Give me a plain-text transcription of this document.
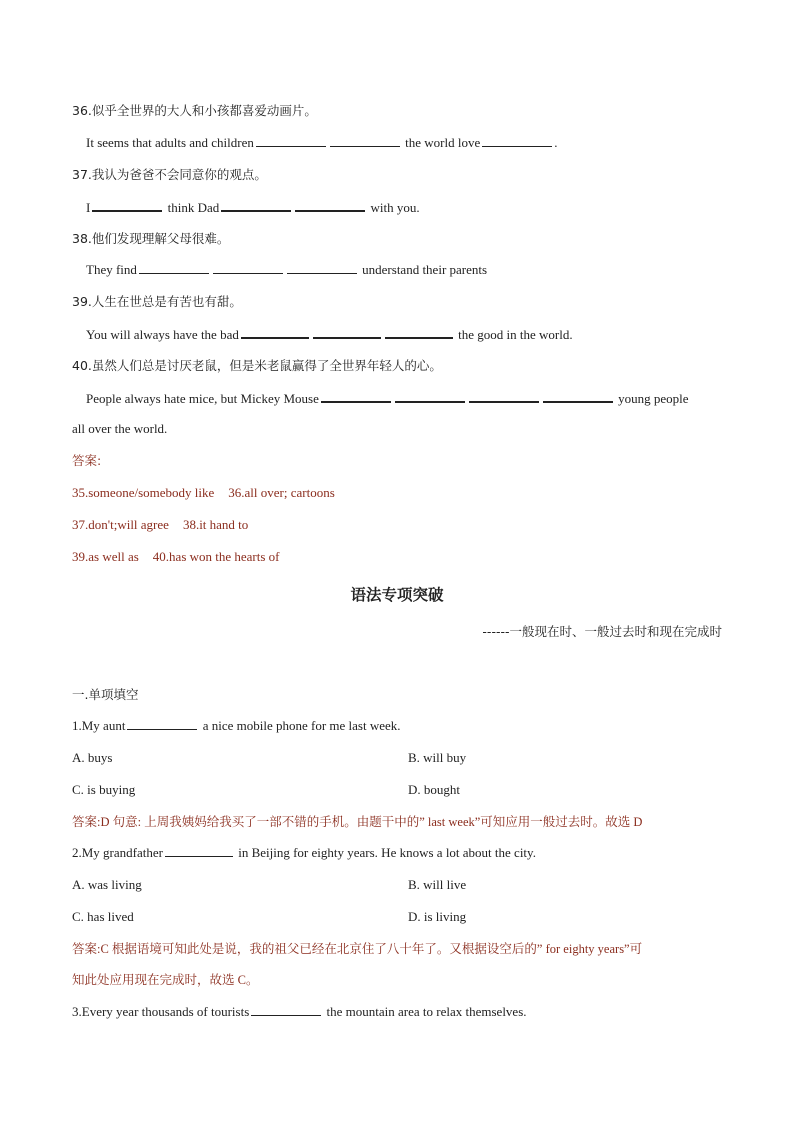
36.似乎全世界的大人和小孩都喜爱动画片。
It seems that adults and children	the world love	.
37.我认为爸爸不会同意你的观点。
I	think Dad	with you.
38.他们发现理解父母很难。
They find	understand their parents
39.人生在世总是有苦也有甜。
You will always have the bad	the good in the world.
40.虽然人们总是讨厌老鼠，但是米老鼠赢得了全世界年轻人的心。
People always hate mice, but Mickey Mouse	young people
all over the world.
答案:
35.someone/somebody like 36.all over; cartoons
37.don't;will agree 38.it hand to
39.as well as 40.has won the hearts of
语法专项突破
------一般现在时、一般过去时和现在完成时
一.单项填空
1.My aunt	a nice mobile phone for me last week.
A. buys	B. will buy
C. is buying	D. bought
答案:D 句意: 上周我姨妈给我买了一部不错的手机。由题干中的” last week”可知应用一般过去时。故选 D
2.My grandfather	in Beijing for eighty years. He knows a lot about the city.
A. was living	B. will live
C. has lived	D. is living
答案:C 根据语境可知此处是说，我的祖父已经在北京住了八十年了。又根据设空后的” for eighty years”可
知此处应用现在完成时，故选 C。
3.Every year thousands of tourists	the mountain area to relax themselves.
